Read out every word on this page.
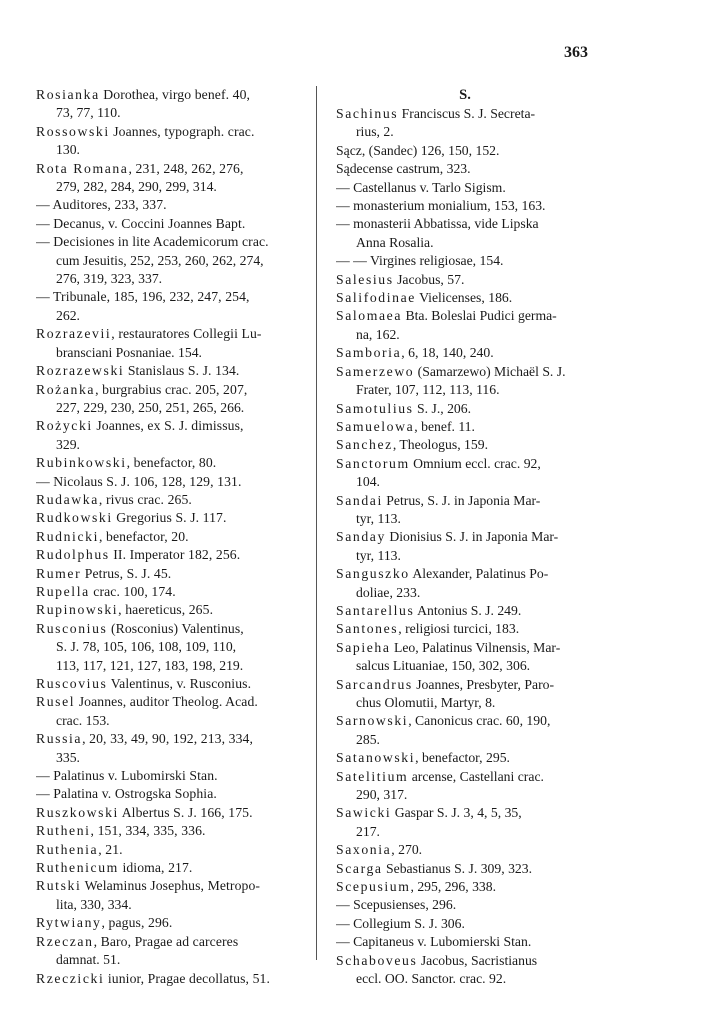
363
Rosianka Dorothea, virgo benef. 40,
73, 77, 110.
Rossowski Joannes, typograph. crac.
130.
Rota Romana, 231, 248, 262, 276,
279, 282, 284, 290, 299, 314.
— Auditores, 233, 337.
— Decanus, v. Coccini Joannes Bapt.
— Decisiones in lite Academicorum crac.
cum Jesuitis, 252, 253, 260, 262, 274,
276, 319, 323, 337.
— Tribunale, 185, 196, 232, 247, 254,
262.
Rozrazevii, restauratores Collegii Lu-
bransciani Posnaniae. 154.
Rozrazewski Stanislaus S. J. 134.
Rożanka, burgrabius crac. 205, 207,
227, 229, 230, 250, 251, 265, 266.
Rożycki Joannes, ex S. J. dimissus,
329.
Rubinkowski, benefactor, 80.
— Nicolaus S. J. 106, 128, 129, 131.
Rudawka, rivus crac. 265.
Rudkowski Gregorius S. J. 117.
Rudnicki, benefactor, 20.
Rudolphus II. Imperator 182, 256.
Rumer Petrus, S. J. 45.
Rupella crac. 100, 174.
Rupinowski, haereticus, 265.
Rusconius (Rosconius) Valentinus,
S. J. 78, 105, 106, 108, 109, 110,
113, 117, 121, 127, 183, 198, 219.
Ruscovius Valentinus, v. Rusconius.
Rusel Joannes, auditor Theolog. Acad.
crac. 153.
Russia, 20, 33, 49, 90, 192, 213, 334,
335.
— Palatinus v. Lubomirski Stan.
— Palatina v. Ostrogska Sophia.
Ruszkowski Albertus S. J. 166, 175.
Rutheni, 151, 334, 335, 336.
Ruthenia, 21.
Ruthenicum idioma, 217.
Rutski Welaminus Josephus, Metropo-
lita, 330, 334.
Rytwiany, pagus, 296.
Rzeczan, Baro, Pragae ad carceres
damnat. 51.
Rzeczicki iunior, Pragae decollatus, 51.
S.
Sachinus Franciscus S. J. Secreta-
rius, 2.
Sącz, (Sandec) 126, 150, 152.
Sądecense castrum, 323.
— Castellanus v. Tarlo Sigism.
— monasterium monialium, 153, 163.
— monasterii Abbatissa, vide Lipska
Anna Rosalia.
— — Virgines religiosae, 154.
Salesius Jacobus, 57.
Salifodinae Vielicenses, 186.
Salomaea Bta. Boleslai Pudici germa-
na, 162.
Samboria, 6, 18, 140, 240.
Samerzewo (Samarzewo) Michaël S. J.
Frater, 107, 112, 113, 116.
Samotulius S. J., 206.
Samuelowa, benef. 11.
Sanchez, Theologus, 159.
Sanctorum Omnium eccl. crac. 92,
104.
Sandai Petrus, S. J. in Japonia Mar-
tyr, 113.
Sanday Dionisius S. J. in Japonia Mar-
tyr, 113.
Sanguszko Alexander, Palatinus Po-
doliae, 233.
Santarellus Antonius S. J. 249.
Santones, religiosi turcici, 183.
Sapieha Leo, Palatinus Vilnensis, Mar-
salcus Lituaniae, 150, 302, 306.
Sarcandrus Joannes, Presbyter, Paro-
chus Olomutii, Martyr, 8.
Sarnowski, Canonicus crac. 60, 190,
285.
Satanowski, benefactor, 295.
Satelitium arcense, Castellani crac.
290, 317.
Sawicki Gaspar S. J. 3, 4, 5, 35,
217.
Saxonia, 270.
Scarga Sebastianus S. J. 309, 323.
Scepusium, 295, 296, 338.
— Scepusienses, 296.
— Collegium S. J. 306.
— Capitaneus v. Lubomierski Stan.
Schaboveus Jacobus, Sacristianus
eccl. OO. Sanctor. crac. 92.
